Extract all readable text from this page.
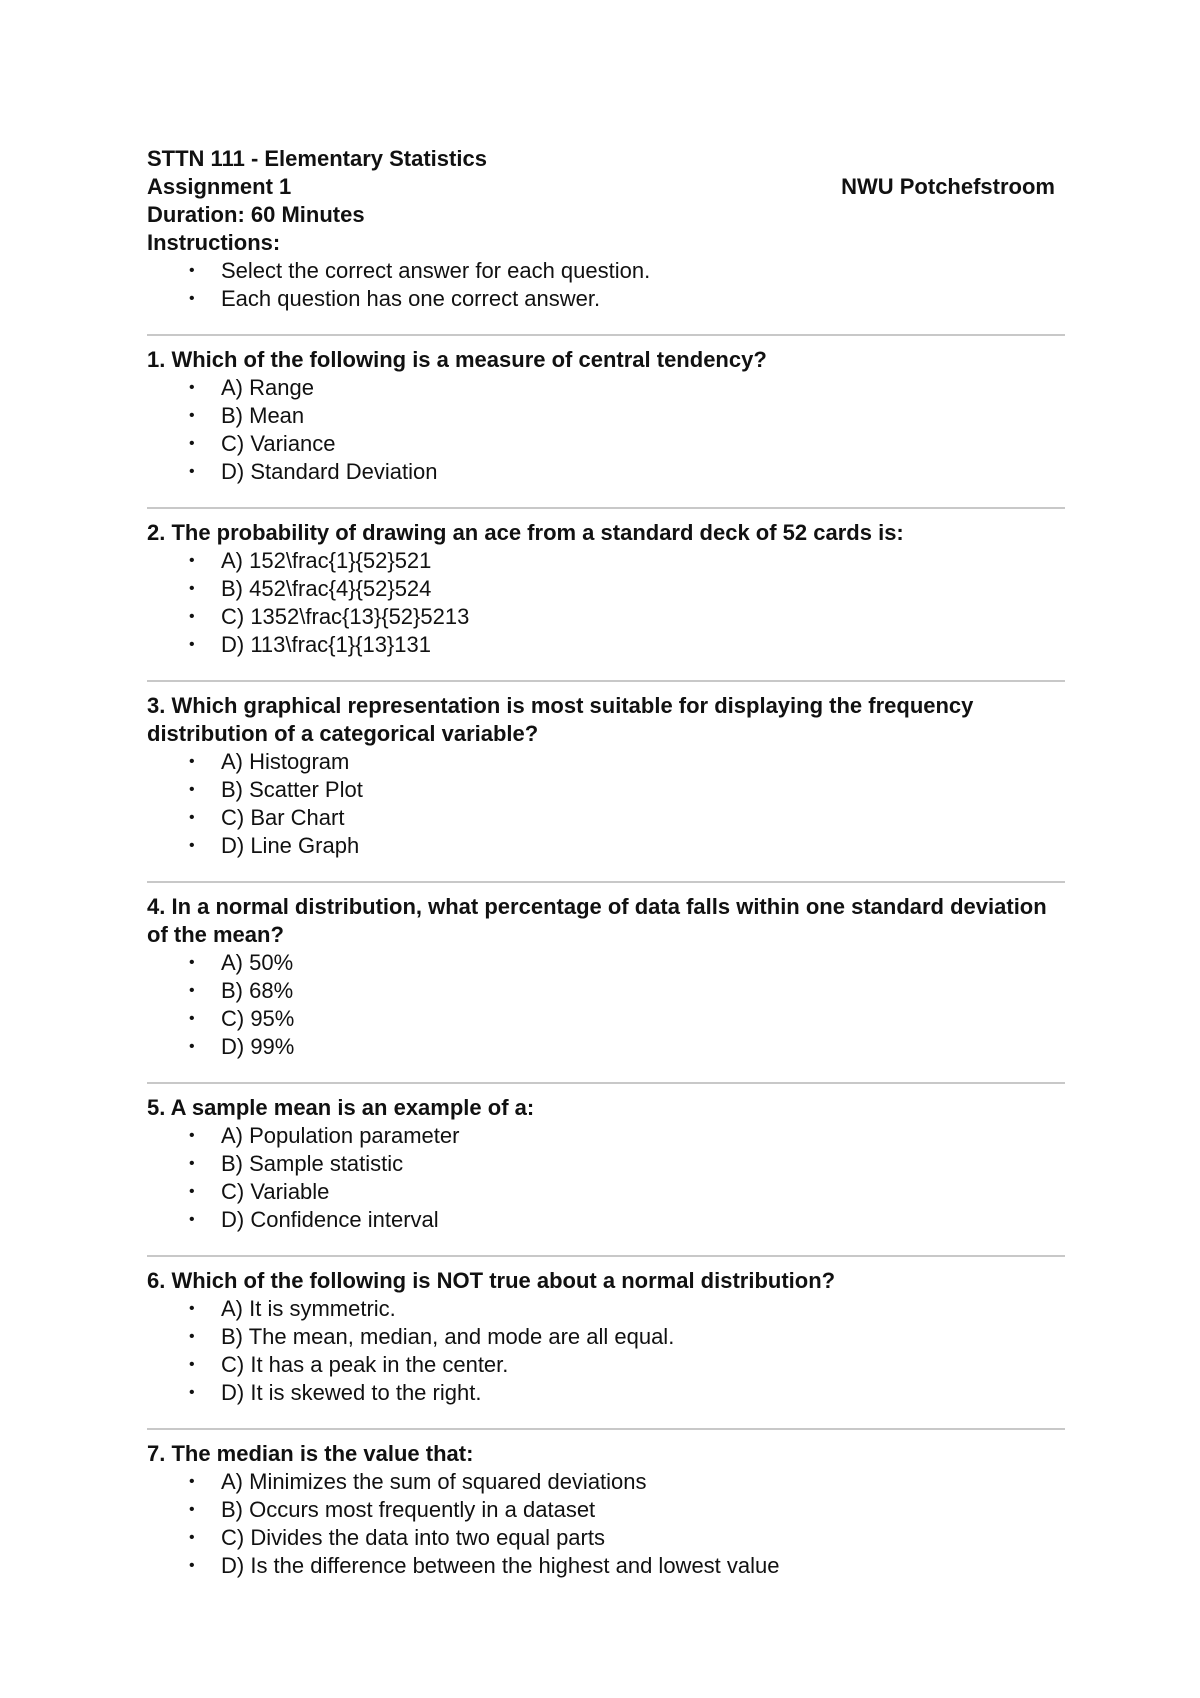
STTN 111 - Elementary Statistics
Assignment 1	NWU Potchefstroom
Duration: 60 Minutes
Instructions:
• Select the correct answer for each question.
• Each question has one correct answer.
1. Which of the following is a measure of central tendency?
• A) Range
• B) Mean
• C) Variance
• D) Standard Deviation
2. The probability of drawing an ace from a standard deck of 52 cards is:
• A) 152\frac{1}{52}521
• B) 452\frac{4}{52}524
• C) 1352\frac{13}{52}5213
• D) 113\frac{1}{13}131
3. Which graphical representation is most suitable for displaying the frequency distribution of a categorical variable?
• A) Histogram
• B) Scatter Plot
• C) Bar Chart
• D) Line Graph
4. In a normal distribution, what percentage of data falls within one standard deviation of the mean?
• A) 50%
• B) 68%
• C) 95%
• D) 99%
5. A sample mean is an example of a:
• A) Population parameter
• B) Sample statistic
• C) Variable
• D) Confidence interval
6. Which of the following is NOT true about a normal distribution?
• A) It is symmetric.
• B) The mean, median, and mode are all equal.
• C) It has a peak in the center.
• D) It is skewed to the right.
7. The median is the value that:
• A) Minimizes the sum of squared deviations
• B) Occurs most frequently in a dataset
• C) Divides the data into two equal parts
• D) Is the difference between the highest and lowest value
